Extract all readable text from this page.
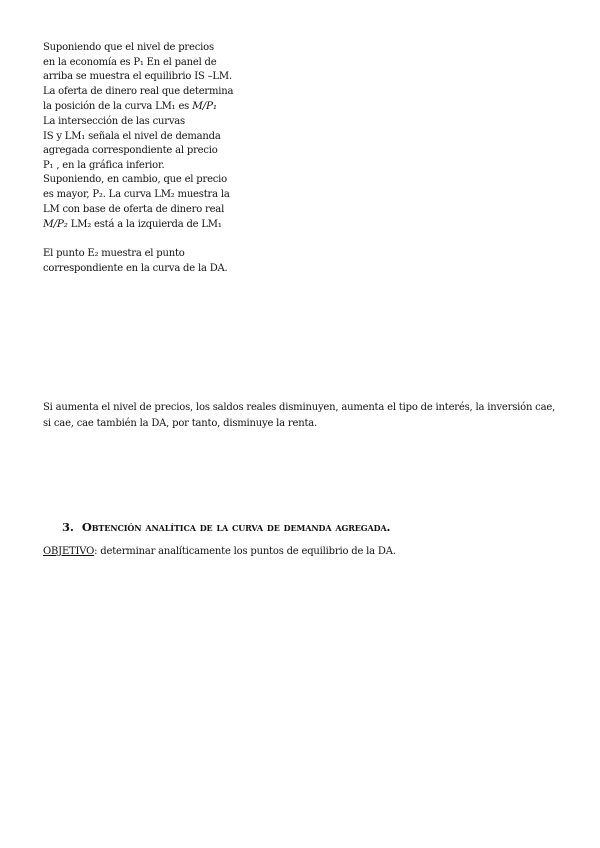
Suponiendo que el nivel de precios

en la economía es P₁ En el panel de

arriba se muestra el equilibrio IS –LM.

La oferta de dinero real que determina

la posición de la curva LM₁ es M/P₁

La intersección de las curvas

IS y LM₁ señala el nivel de demanda

agregada correspondiente al precio

P₁ , en la gráfica inferior.

Suponiendo, en cambio, que el precio

es mayor, P₂. La curva LM₂ muestra la

LM con base de oferta de dinero real

M/P₂ LM₂ está a la izquierda de LM₁

El punto E₂ muestra el punto

correspondiente en la curva de la DA.

Si aumenta el nivel de precios, los saldos reales disminuyen, aumenta el tipo de interés, la inversión cae, si cae, cae también la DA, por tanto, disminuye la renta.

3. Obtención analítica de la curva de demanda agregada.

OBJETIVO: determinar analíticamente los puntos de equilibrio de la DA.
